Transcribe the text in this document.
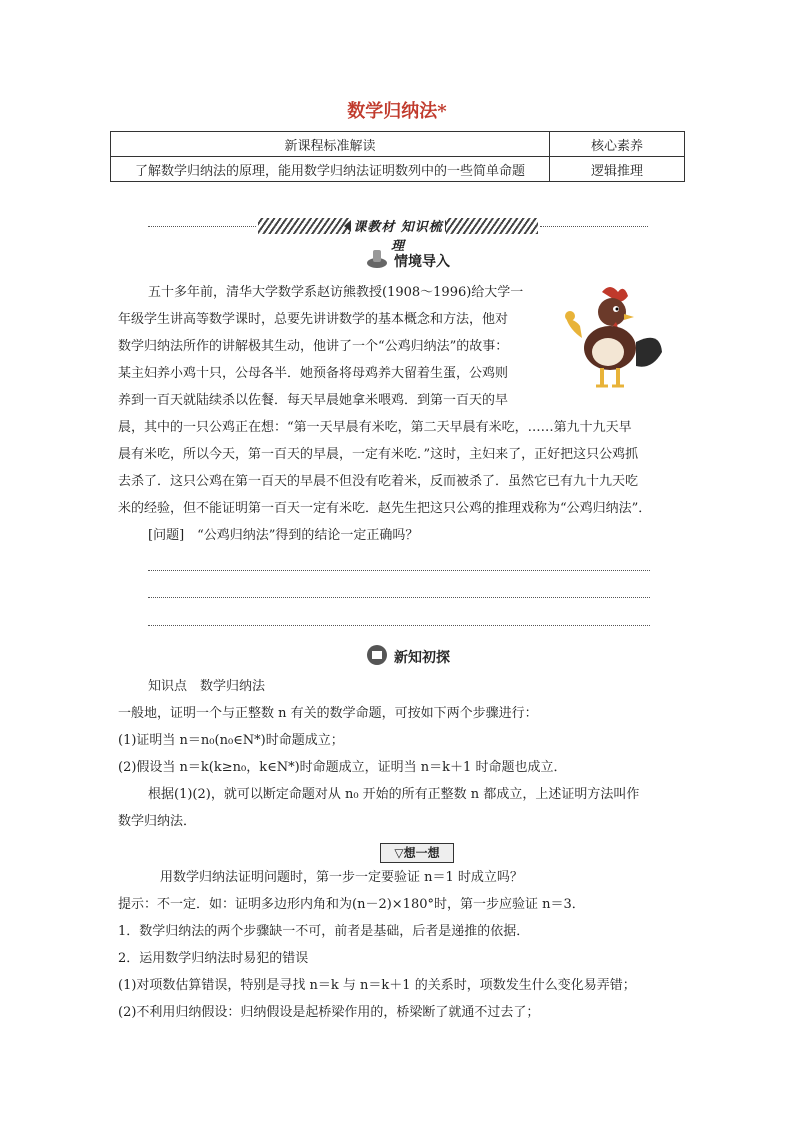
数学归纳法*
新课程标准解读	核心素养
了解数学归纳法的原理，能用数学归纳法证明数列中的一些简单命题	逻辑推理
课教材 知识梳理
情境导入
五十多年前，清华大学数学系赵访熊教授(1908～1996)给大学一
年级学生讲高等数学课时，总要先讲讲数学的基本概念和方法，他对
数学归纳法所作的讲解极其生动，他讲了一个“公鸡归纳法”的故事：
某主妇养小鸡十只，公母各半．她预备将母鸡养大留着生蛋，公鸡则
养到一百天就陆续杀以佐餐．每天早晨她拿米喂鸡．到第一百天的早
晨，其中的一只公鸡正在想：“第一天早晨有米吃，第二天早晨有米吃，……第九十九天早
晨有米吃，所以今天，第一百天的早晨，一定有米吃．”这时，主妇来了，正好把这只公鸡抓
去杀了．这只公鸡在第一百天的早晨不但没有吃着米，反而被杀了．虽然它已有九十九天吃
米的经验，但不能证明第一百天一定有米吃．赵先生把这只公鸡的推理戏称为“公鸡归纳法”．
[问题]　“公鸡归纳法”得到的结论一定正确吗？
新知初探
知识点　数学归纳法
一般地，证明一个与正整数 n 有关的数学命题，可按如下两个步骤进行：
(1)证明当 n＝n₀(n₀∈N*)时命题成立；
(2)假设当 n＝k(k≥n₀，k∈N*)时命题成立，证明当 n＝k＋1 时命题也成立．
根据(1)(2)，就可以断定命题对从 n₀ 开始的所有正整数 n 都成立，上述证明方法叫作
数学归纳法．
▽想一想
用数学归纳法证明问题时，第一步一定要验证 n＝1 时成立吗？
提示：不一定．如：证明多边形内角和为(n－2)×180°时，第一步应验证 n＝3．
1．数学归纳法的两个步骤缺一不可，前者是基础，后者是递推的依据．
2．运用数学归纳法时易犯的错误
(1)对项数估算错误，特别是寻找 n＝k 与 n＝k＋1 的关系时，项数发生什么变化易弄错；
(2)不利用归纳假设：归纳假设是起桥梁作用的，桥梁断了就通不过去了；
